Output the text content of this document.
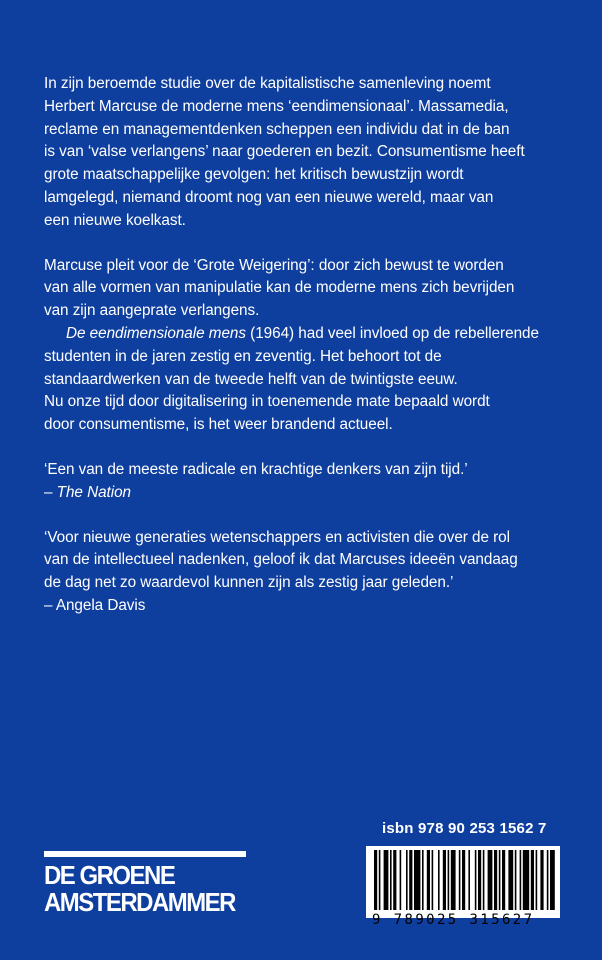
In zijn beroemde studie over de kapitalistische samenleving noemt
Herbert Marcuse de moderne mens ‘eendimensionaal’. Massamedia,
reclame en managementdenken scheppen een individu dat in de ban
is van ‘valse verlangens’ naar goederen en bezit. Consumentisme heeft
grote maatschappelijke gevolgen: het kritisch bewustzijn wordt
lamgelegd, niemand droomt nog van een nieuwe wereld, maar van
een nieuwe koelkast.

Marcuse pleit voor de ‘Grote Weigering’: door zich bewust te worden
van alle vormen van manipulatie kan de moderne mens zich bevrijden
van zijn aangeprate verlangens.

De eendimensionale mens (1964) had veel invloed op de rebellerende
studenten in de jaren zestig en zeventig. Het behoort tot de
standaardwerken van de tweede helft van de twintigste eeuw.
Nu onze tijd door digitalisering in toenemende mate bepaald wordt
door consumentisme, is het weer brandend actueel.

‘Een van de meeste radicale en krachtige denkers van zijn tijd.’
– The Nation

‘Voor nieuwe generaties wetenschappers en activisten die over de rol
van de intellectueel nadenken, geloof ik dat Marcuses ideeën vandaag
de dag net zo waardevol kunnen zijn als zestig jaar geleden.’
– Angela Davis

isbn 978 90 253 1562 7
9 789025 315627
DE GROENE
AMSTERDAMMER
